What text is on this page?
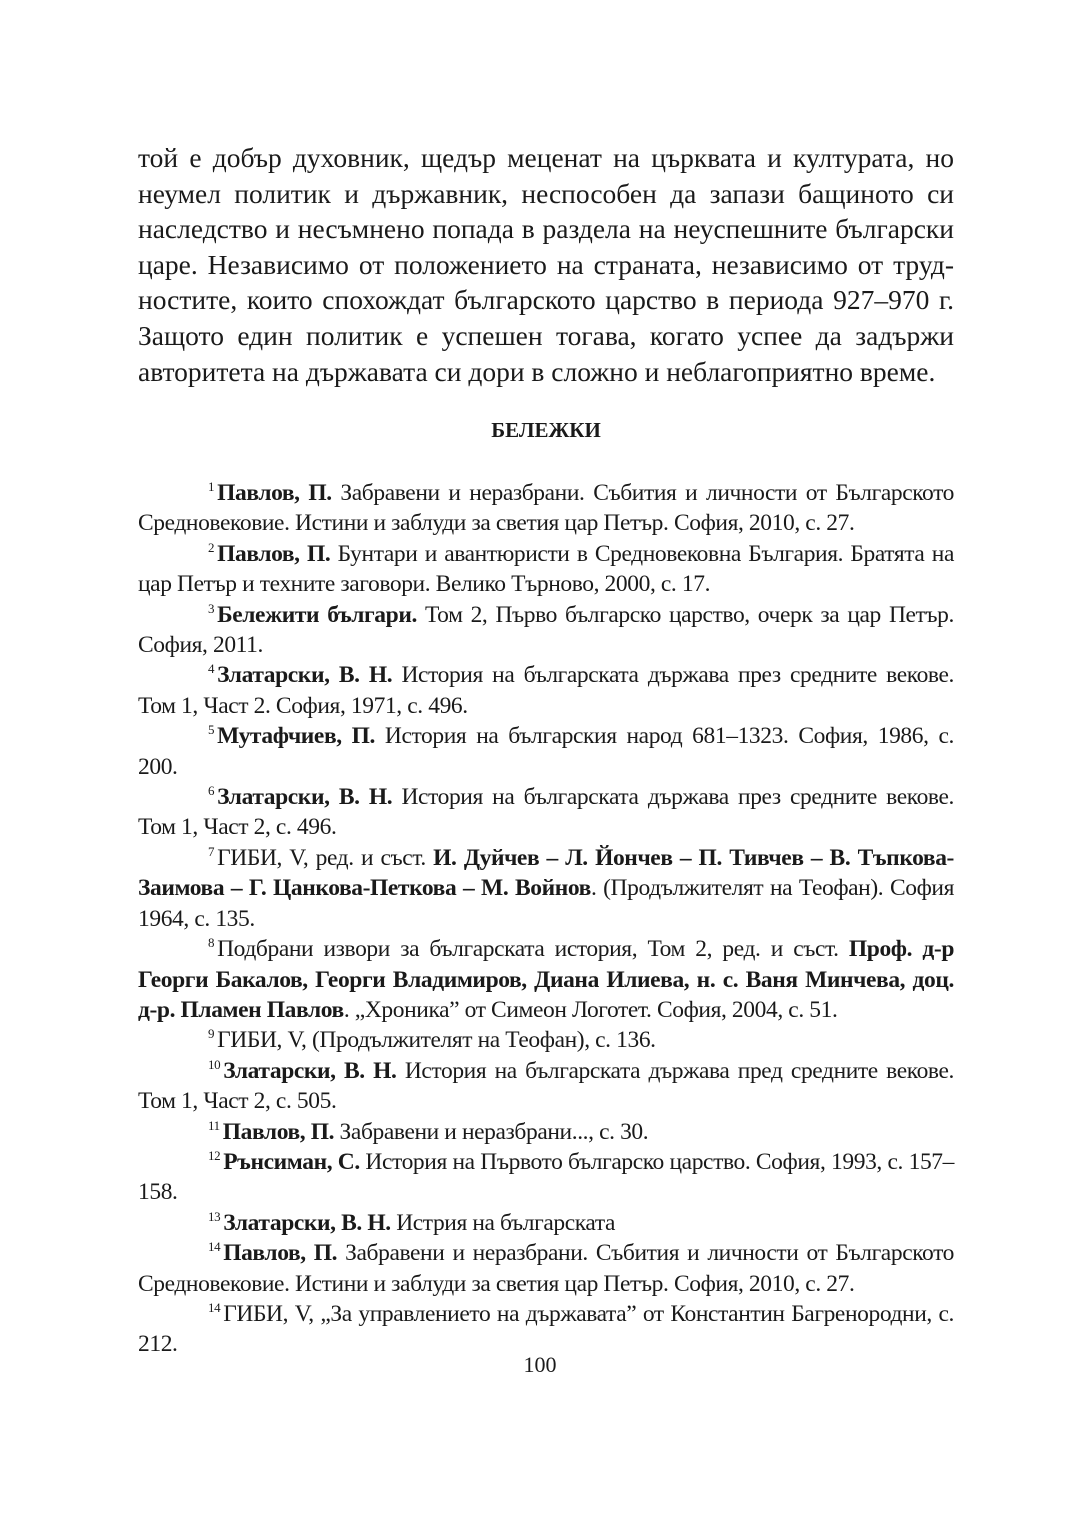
той е добър духовник, щедър меценат на църквата и културата, но неумел политик и държавник, неспособен да запази бащиното си наследство и несъмнено попада в раздела на неуспешните български царе. Независимо от положението на страната, независимо от трудностите, които спохождат българското царство в периода 927–970 г. Защото един политик е успешен тогава, когато успее да задържи авторитета на държавата си дори в сложно и неблагоприятно време.

БЕЛЕЖКИ

$^1$ Павлов, П. Забравени и неразбрани. Събития и личности от Българското Средновековие. Истини и заблуди за светия цар Петър. София, 2010, с. 27.

$^2$ Павлов, П. Бунтари и авантюристи в Средновековна България. Братята на цар Петър и техните заговори. Велико Търново, 2000, с. 17.

$^3$ Бележити българи. Том 2, Първо българско царство, очерк за цар Петър. София, 2011.

$^4$ Златарски, В. Н. История на българската държава през средните векове. Том 1, Част 2. София, 1971, с. 496.

$^5$ Мутафчиев, П. История на българския народ 681–1323. София, 1986, с. 200.

$^6$ Златарски, В. Н. История на българската държава през средните векове. Том 1, Част 2, с. 496.

$^7$ ГИБИ, V, ред. и съст. И. Дуйчев – Л. Йончев – П. Тивчев – В. Тъпкова-Заимова – Г. Цанкова-Петкова – М. Войнов. (Продължителят на Теофан). София 1964, с. 135.

$^8$ Подбрани извори за българската история, Том 2, ред. и съст. Проф. д-р Георги Бакалов, Георги Владимиров, Диана Илиева, н. с. Ваня Минчева, доц. д-р. Пламен Павлов. „Хроника” от Симеон Логотет. София, 2004, с. 51.

$^9$ ГИБИ, V, (Продължителят на Теофан), с. 136.

$^{10}$ Златарски, В. Н. История на българската държава пред средните векове. Том 1, Част 2, с. 505.

$^{11}$ Павлов, П. Забравени и неразбрани..., с. 30.

$^{12}$ Рънсиман, С. История на Първото българско царство. София, 1993, с. 157–158.

$^{13}$ Златарски, В. Н. Истрия на българската

$^{14}$ Павлов, П. Забравени и неразбрани. Събития и личности от Българското Средновековие. Истини и заблуди за светия цар Петър. София, 2010, с. 27.

$^{14}$ ГИБИ, V, „За управлението на държавата” от Константин Багренородни, с. 212.

100
